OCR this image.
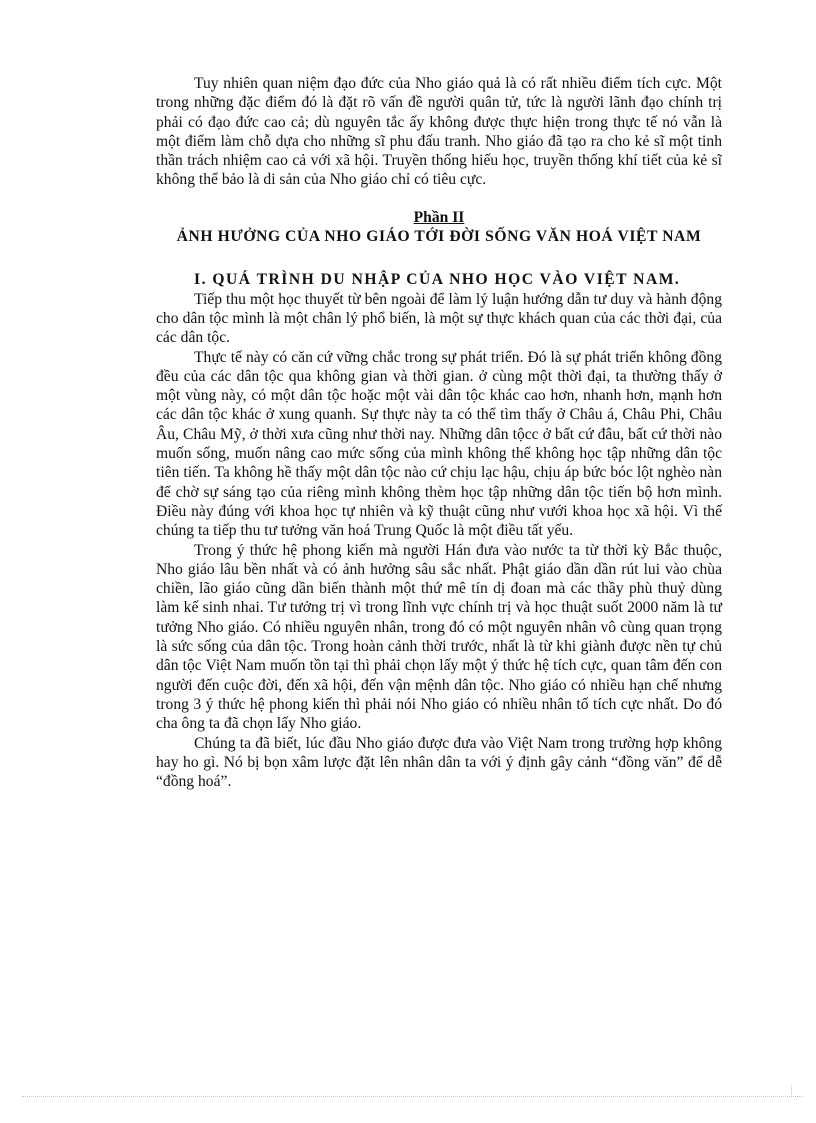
Tuy nhiên quan niệm đạo đức của Nho giáo quả là có rất nhiều điểm tích cực. Một trong những đặc điểm đó là đặt rõ vấn đề người quân tử, tức là người lãnh đạo chính trị phải có đạo đức cao cả; dù nguyên tắc ấy không được thực hiện trong thực tế nó vẫn là một điểm làm chỗ dựa cho những sĩ phu đấu tranh. Nho giáo đã tạo ra cho kẻ sĩ một tinh thần trách nhiệm cao cả với xã hội. Truyền thống hiếu học, truyền thống khí tiết của kẻ sĩ không thể bảo là di sản của Nho giáo chỉ có tiêu cực.

Phần II

ẢNH HƯỞNG CỦA NHO GIÁO TỚI ĐỜI SỐNG VĂN HOÁ VIỆT NAM

I. QUÁ TRÌNH DU NHẬP CỦA NHO HỌC VÀO VIỆT NAM.

Tiếp thu một học thuyết từ bên ngoài để làm lý luận hướng dẫn tư duy và hành động cho dân tộc mình là một chân lý phổ biến, là một sự thực khách quan của các thời đại, của các dân tộc.

Thực tế này có căn cứ vững chắc trong sự phát triển. Đó là sự phát triển không đồng đều của các dân tộc qua không gian và thời gian. ở cùng một thời đại, ta thường thấy ở một vùng này, có một dân tộc hoặc một vài dân tộc khác cao hơn, nhanh hơn, mạnh hơn các dân tộc khác ở xung quanh. Sự thực này ta có thể tìm thấy ở Châu á, Châu Phi, Châu Âu, Châu Mỹ, ở thời xưa cũng như thời nay. Những dân tộcc ở bất cứ đâu, bất cứ thời nào muốn sống, muốn nâng cao mức sống của mình không thể không học tập những dân tộc tiên tiến. Ta không hề thấy một dân tộc nào cứ chịu lạc hậu, chịu áp bức bóc lột nghèo nàn để chờ sự sáng tạo của riêng mình không thèm học tập những dân tộc tiến bộ hơn mình. Điều này đúng với khoa học tự nhiên và kỹ thuật cũng như vưới khoa học xã hội. Vì thế chúng ta tiếp thu tư tưởng văn hoá Trung Quốc là một điều tất yếu.

Trong ý thức hệ phong kiến mà người Hán đưa vào nước ta từ thời kỳ Bắc thuộc, Nho giáo lâu bền nhất và có ảnh hưởng sâu sắc nhất. Phật giáo dần dần rút lui vào chùa chiền, lão giáo cũng dần biến thành một thứ mê tín dị đoan mà các thầy phù thuỷ dùng làm kế sinh nhai. Tư tưởng trị vì trong lĩnh vực chính trị và học thuật suốt 2000 năm là tư tưởng Nho giáo. Có nhiều nguyên nhân, trong đó có một nguyên nhân vô cùng quan trọng là sức sống của dân tộc. Trong hoàn cảnh thời trước, nhất là từ khi giành được nền tự chủ dân tộc Việt Nam muốn tồn tại thì phải chọn lấy một ý thức hệ tích cực, quan tâm đến con người đến cuộc đời, đến xã hội, đến vận mệnh dân tộc. Nho giáo có nhiều hạn chế nhưng trong 3 ý thức hệ phong kiến thì phải nói Nho giáo có nhiều nhân tố tích cực nhất. Do đó cha ông ta đã chọn lấy Nho giáo.

Chúng ta đã biết, lúc đầu Nho giáo được đưa vào Việt Nam trong trường hợp không hay ho gì. Nó bị bọn xâm lược đặt lên nhân dân ta với ý định gây cảnh “đồng văn” để dễ “đồng hoá”.
